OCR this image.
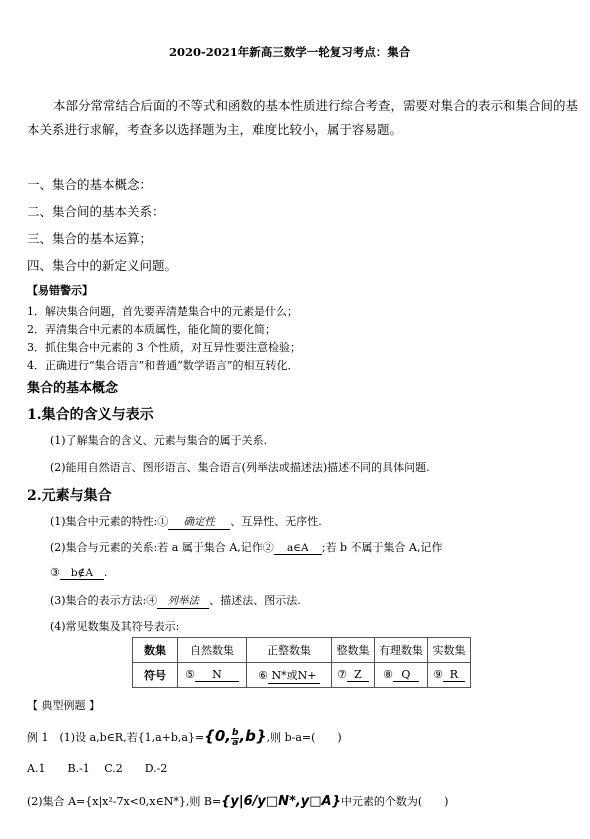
2020-2021年新高三数学一轮复习考点：集合
本部分常常结合后面的不等式和函数的基本性质进行综合考查，需要对集合的表示和集合间的基本关系进行求解，考查多以选择题为主，难度比较小，属于容易题。
一、集合的基本概念：
二、集合间的基本关系：
三、集合的基本运算；
四、集合中的新定义问题。
【易错警示】
1．解决集合问题，首先要弄清楚集合中的元素是什么；
2．弄清集合中元素的本质属性，能化简的要化简；
3．抓住集合中元素的 3 个性质，对互异性要注意检验；
4．正确进行“集合语言”和普通“数学语言”的相互转化．
集合的基本概念
1.集合的含义与表示
(1)了解集合的含义、元素与集合的属于关系.
(2)能用自然语言、图形语言、集合语言(列举法或描述法)描述不同的具体问题.
2.元素与集合
(1)集合中元素的特性:① 确定性 、互异性、无序性.
(2)集合与元素的关系:若 a 属于集合 A,记作② a∈A ;若 b 不属于集合 A,记作
③ b∉A .
(3)集合的表示方法:④ 列举法 、描述法、图示法.
(4)常见数集及其符号表示:
数集	自然数集	正整数集	整数集	有理数集	实数集
符号	⑤ N	⑥ N*或N+	⑦ Z	⑧ Q	⑨ R
【 典型例题 】
例 1　(1)设 a,b∈R,若{1,a+b,a}={0, $\frac{b}{a} ,b$},则 b-a=(　　)
A.1　　B.-1　 C.2　　D.-2
(2)集合 A={x|x²-7x<0,x∈N*},则 B={y|6/y□N*,y□A}中元素的个数为(　　)
